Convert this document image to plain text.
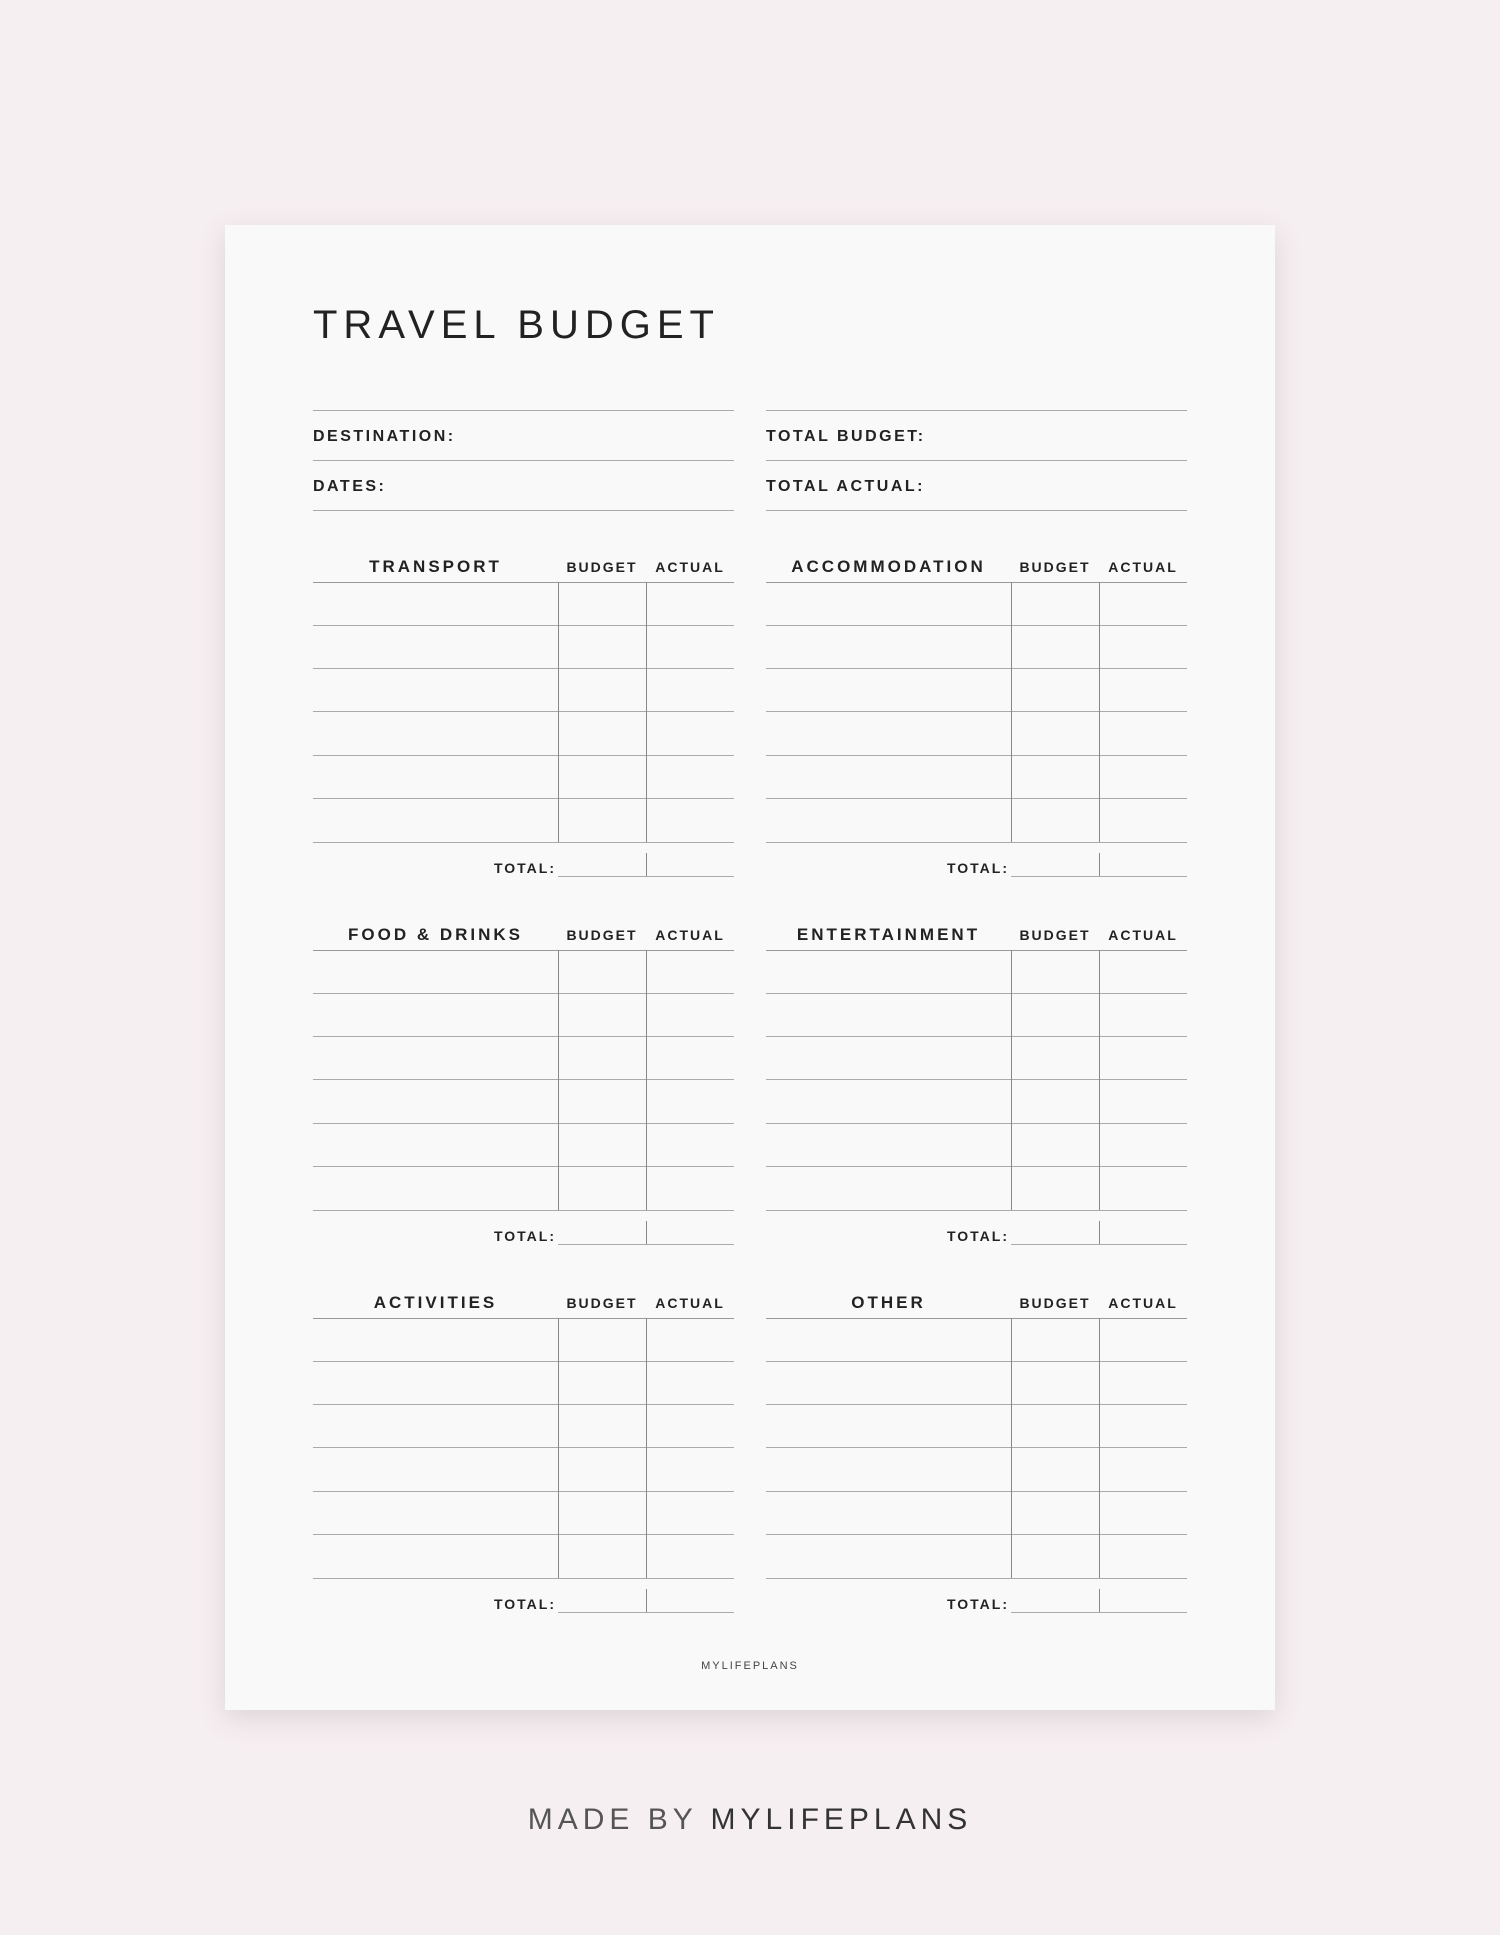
TRAVEL BUDGET
DESTINATION:
DATES:
TOTAL BUDGET:
TOTAL ACTUAL:
TRANSPORT	BUDGET	ACTUAL
TOTAL:
ACCOMMODATION	BUDGET	ACTUAL
TOTAL:
FOOD & DRINKS	BUDGET	ACTUAL
TOTAL:
ENTERTAINMENT	BUDGET	ACTUAL
TOTAL:
ACTIVITIES	BUDGET	ACTUAL
TOTAL:
OTHER	BUDGET	ACTUAL
TOTAL:
MYLIFEPLANS
MADE BY MYLIFEPLANS
